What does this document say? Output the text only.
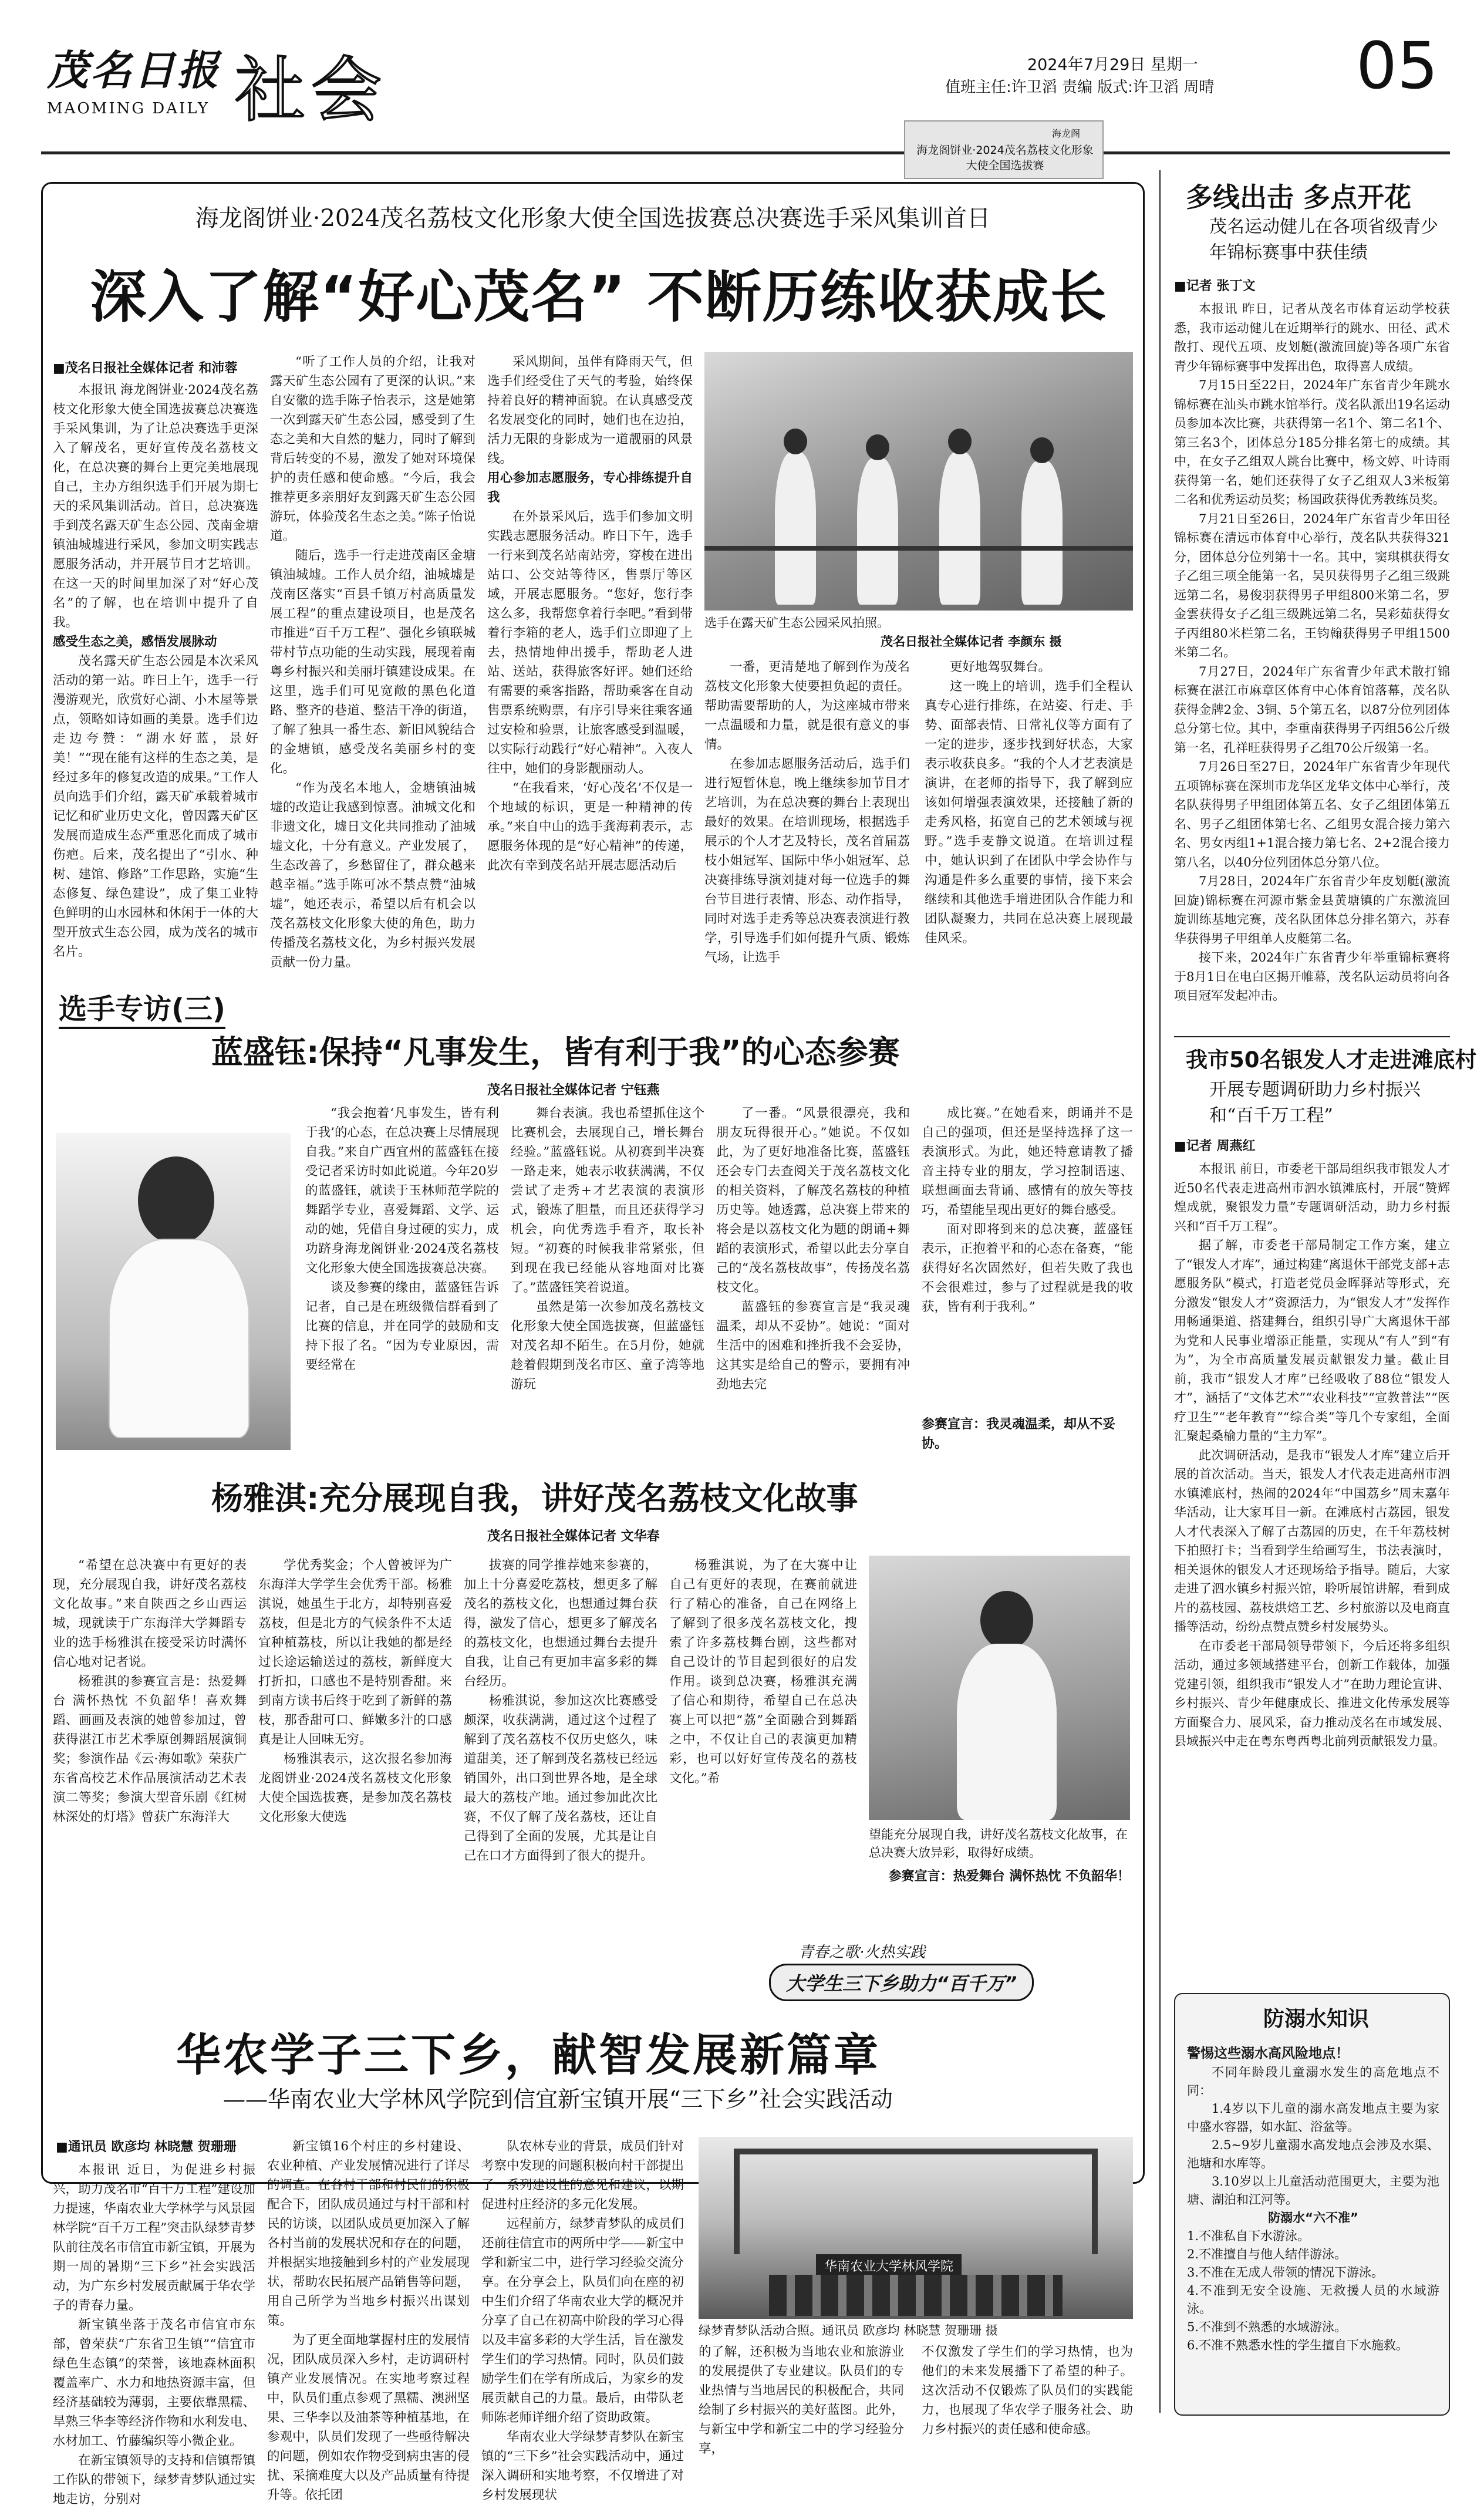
茂名日报
MAOMING DAILY 社会	2024年7月29日 星期一
值班主任:许卫滔 责编 版式:许卫滔 周晴 05
海龙阁
海龙阁饼业·2024茂名荔枝文化形象大使全国选拔赛
海龙阁饼业·2024茂名荔枝文化形象大使全国选拔赛总决赛选手采风集训首日
深入了解“好心茂名” 不断历练收获成长
■茂名日报社全媒体记者 和沛蓉

本报讯 海龙阁饼业·2024茂名荔枝文化形象大使全国选拔赛总决赛选手采风集训，为了让总决赛选手更深入了解茂名，更好宣传茂名荔枝文化，在总决赛的舞台上更完美地展现自己，主办方组织选手们开展为期七天的采风集训活动。首日，总决赛选手到茂名露天矿生态公园、茂南金塘镇油城墟进行采风，参加文明实践志愿服务活动，并开展节目才艺培训。在这一天的时间里加深了对“好心茂名”的了解，也在培训中提升了自我。

感受生态之美，感悟发展脉动

茂名露天矿生态公园是本次采风活动的第一站。昨日上午，选手一行漫游观光，欣赏好心湖、小木屋等景点，领略如诗如画的美景。选手们边走边夸赞：“湖水好蓝，景好美！”“现在能有这样的生态之美，是经过多年的修复改造的成果。”工作人员向选手们介绍，露天矿承载着城市记忆和矿业历史文化，曾因露天矿区发展而造成生态严重恶化而成了城市伤疤。后来，茂名提出了“引水、种树、建馆、修路”工作思路，实施“生态修复、绿色建设”，成了集工业特色鲜明的山水园林和休闲于一体的大型开放式生态公园，成为茂名的城市名片。

“听了工作人员的介绍，让我对露天矿生态公园有了更深的认识。”来自安徽的选手陈子怡表示，这是她第一次到露天矿生态公园，感受到了生态之美和大自然的魅力，同时了解到背后转变的不易，激发了她对环境保护的责任感和使命感。“今后，我会推荐更多亲朋好友到露天矿生态公园游玩，体验茂名生态之美。”陈子怡说道。

随后，选手一行走进茂南区金塘镇油城墟。工作人员介绍，油城墟是茂南区落实“百县千镇万村高质量发展工程”的重点建设项目，也是茂名市推进“百千万工程”、强化乡镇联城带村节点功能的生动实践，展现着南粤乡村振兴和美丽圩镇建设成果。在这里，选手们可见宽敞的黑色化道路、整齐的巷道、整洁干净的街道，了解了独具一番生态、新旧风貌结合的金塘镇，感受茂名美丽乡村的变化。

“作为茂名本地人，金塘镇油城墟的改造让我感到惊喜。油城文化和非遗文化，墟日文化共同推动了油城墟文化，十分有意义。产业发展了，生态改善了，乡愁留住了，群众越来越幸福。”选手陈可冰不禁点赞“油城墟”，她还表示，希望以后有机会以茂名荔枝文化形象大使的角色，助力传播茂名荔枝文化，为乡村振兴发展贡献一份力量。

采风期间，虽伴有降雨天气，但选手们经受住了天气的考验，始终保持着良好的精神面貌。在认真感受茂名发展变化的同时，她们也在边拍，活力无限的身影成为一道靓丽的风景线。

用心参加志愿服务，专心排练提升自我

在外景采风后，选手们参加文明实践志愿服务活动。昨日下午，选手一行来到茂名站南站旁，穿梭在进出站口、公交站等待区，售票厅等区域，开展志愿服务。“您好，您行李这么多，我帮您拿着行李吧。”看到带着行李箱的老人，选手们立即迎了上去，热情地伸出援手，帮助老人进站、送站，获得旅客好评。她们还给有需要的乘客指路，帮助乘客在自动售票系统购票，有序引导来往乘客通过安检和验票，让旅客感受到温暖，以实际行动践行“好心精神”。入夜人往中，她们的身影靓丽动人。

“在我看来，‘好心茂名’不仅是一个地域的标识，更是一种精神的传承。”来自中山的选手龚海莉表示，志愿服务体现的是“好心精神”的传递，此次有幸到茂名站开展志愿活动后

选手在露天矿生态公园采风拍照。
茂名日报社全媒体记者 李颜东 摄

一番，更清楚地了解到作为茂名荔枝文化形象大使要担负起的责任。帮助需要帮助的人，为这座城市带来一点温暖和力量，就是很有意义的事情。

在参加志愿服务活动后，选手们进行短暂休息，晚上继续参加节目才艺培训，为在总决赛的舞台上表现出最好的效果。在培训现场，根据选手展示的个人才艺及特长，茂名首届荔枝小姐冠军、国际中华小姐冠军、总决赛排练导演刘捷对每一位选手的舞台节目进行表情、形态、动作指导，同时对选手走秀等总决赛表演进行教学，引导选手们如何提升气质、锻炼气场，让选手

更好地驾驭舞台。

这一晚上的培训，选手们全程认真专心进行排练，在站姿、行走、手势、面部表情、日常礼仪等方面有了一定的进步，逐步找到好状态，大家表示收获良多。“我的个人才艺表演是演讲，在老师的指导下，我了解到应该如何增强表演效果，还接触了新的走秀风格，拓宽自己的艺术领域与视野。”选手麦静文说道。在培训过程中，她认识到了在团队中学会协作与沟通是件多么重要的事情，接下来会继续和其他选手增进团队合作能力和团队凝聚力，共同在总决赛上展现最佳风采。

选手专访(三)
蓝盛钰:保持“凡事发生，皆有利于我”的心态参赛
茂名日报社全媒体记者 宁钰燕

“我会抱着‘凡事发生，皆有利于我’的心态，在总决赛上尽情展现自我。”来自广西宜州的蓝盛钰在接受记者采访时如此说道。今年20岁的蓝盛钰，就读于玉林师范学院的舞蹈学专业，喜爱舞蹈、文学、运动的她，凭借自身过硬的实力，成功跻身海龙阁饼业·2024茂名荔枝文化形象大使全国选拔赛总决赛。

谈及参赛的缘由，蓝盛钰告诉记者，自己是在班级微信群看到了比赛的信息，并在同学的鼓励和支持下报了名。“因为专业原因，需要经常在

舞台表演。我也希望抓住这个比赛机会，去展现自己，增长舞台经验。”蓝盛钰说。从初赛到半决赛一路走来，她表示收获满满，不仅尝试了走秀+才艺表演的表演形式，锻炼了胆量，而且还获得学习机会，向优秀选手看齐，取长补短。“初赛的时候我非常紧张，但到现在我已经能从容地面对比赛了。”蓝盛钰笑着说道。

虽然是第一次参加茂名荔枝文化形象大使全国选拔赛，但蓝盛钰对茂名却不陌生。在5月份，她就趁着假期到茂名市区、童子湾等地游玩

了一番。“风景很漂亮，我和朋友玩得很开心。”她说。不仅如此，为了更好地准备比赛，蓝盛钰还会专门去查阅关于茂名荔枝文化的相关资料，了解茂名荔枝的种植历史等。她透露，总决赛上带来的将会是以荔枝文化为题的朗诵+舞蹈的表演形式，希望以此去分享自己的“茂名荔枝故事”，传扬茂名荔枝文化。

蓝盛钰的参赛宣言是“我灵魂温柔，却从不妥协”。她说：“面对生活中的困难和挫折我不会妥协，这其实是给自己的警示，要拥有冲劲地去完

成比赛。”在她看来，朗诵并不是自己的强项，但还是坚持选择了这一表演形式。为此，她还特意请教了播音主持专业的朋友，学习控制语速、联想画面去背诵、感情有的放矢等技巧，希望能呈现出更好的舞台感受。

面对即将到来的总决赛，蓝盛钰表示，正抱着平和的心态在备赛，“能获得好名次固然好，但若失败了我也不会很难过，参与了过程就是我的收获，皆有利于我利。”

参赛宣言：我灵魂温柔，却从不妥协。
杨雅淇:充分展现自我，讲好茂名荔枝文化故事
茂名日报社全媒体记者 文华春

“希望在总决赛中有更好的表现，充分展现自我，讲好茂名荔枝文化故事。”来自陕西之乡山西运城，现就读于广东海洋大学舞蹈专业的选手杨雅淇在接受采访时满怀信心地对记者说。

杨雅淇的参赛宣言是：热爱舞台 满怀热忱 不负韶华！喜欢舞蹈、画画及表演的她曾参加过，曾获得湛江市艺术季原创舞蹈展演铜奖；参演作品《云·海如歌》荣获广东省高校艺术作品展演活动艺术表演二等奖；参演大型音乐剧《红树林深处的灯塔》曾获广东海洋大

学优秀奖金；个人曾被评为广东海洋大学学生会优秀干部。杨雅淇说，她虽生于北方，却特别喜爱荔枝，但是北方的气候条件不太适宜种植荔枝，所以让我她的都是经过长途运输送过的荔枝，新鲜度大打折扣，口感也不是特别香甜。来到南方读书后终于吃到了新鲜的荔枝，那香甜可口、鲜嫩多汁的口感真是让人回味无穷。

杨雅淇表示，这次报名参加海龙阁饼业·2024茂名荔枝文化形象大使全国选拔赛，是参加茂名荔枝文化形象大使选

拔赛的同学推荐她来参赛的，加上十分喜爱吃荔枝，想更多了解茂名的荔枝文化，也想通过舞台获得，激发了信心，想更多了解茂名的荔枝文化，也想通过舞台去提升自我，让自己有更加丰富多彩的舞台经历。

杨雅淇说，参加这次比赛感受颇深，收获满满，通过这个过程了解到了茂名荔枝不仅历史悠久，味道甜美，还了解到茂名荔枝已经远销国外，出口到世界各地，是全球最大的荔枝产地。通过参加此次比赛，不仅了解了茂名荔枝，还让自己得到了全面的发展，尤其是让自己在口才方面得到了很大的提升。

杨雅淇说，为了在大赛中让自己有更好的表现，在赛前就进行了精心的准备，自己在网络上了解到了很多茂名荔枝文化，搜索了许多荔枝舞台剧，这些都对自己设计的节目起到很好的启发作用。谈到总决赛，杨雅淇充满了信心和期待，希望自己在总决赛上可以把“荔”全面融合到舞蹈之中，不仅让自己的表演更加精彩，也可以好好宣传茂名的荔枝文化。”希

望能充分展现自我，讲好茂名荔枝文化故事，在总决赛大放异彩，取得好成绩。
参赛宣言：热爱舞台 满怀热忱 不负韶华！
青春之歌·火热实践
大学生三下乡助力“百千万”
华农学子三下乡，献智发展新篇章
——华南农业大学林风学院到信宜新宝镇开展“三下乡”社会实践活动
■通讯员 欧彦均 林晓慧 贺珊珊

本报讯 近日，为促进乡村振兴，助力茂名市“百千万工程”建设加力提速，华南农业大学林学与风景园林学院“百千万工程”突击队绿梦青梦队前往茂名市信宜市新宝镇，开展为期一周的暑期“三下乡”社会实践活动，为广东乡村发展贡献属于华农学子的青春力量。

新宝镇坐落于茂名市信宜市东部，曾荣获“广东省卫生镇”“信宜市绿色生态镇”的荣誉，该地森林面积覆盖率广、水力和地热资源丰富，但经济基础较为薄弱，主要依靠黑糯、旱熟三华李等经济作物和水利发电、水材加工、竹藤编织等小微企业。

在新宝镇领导的支持和信镇帮镇工作队的带领下，绿梦青梦队通过实地走访，分别对

新宝镇16个村庄的乡村建设、农业种植、产业发展情况进行了详尽的调查。在各村干部和村民们的积极配合下，团队成员通过与村干部和村民的访谈，以团队成员更加深入了解各村当前的发展状况和存在的问题，并根据实地接触到乡村的产业发展现状，帮助农民拓展产品销售等问题，用自己所学为当地乡村振兴出谋划策。

为了更全面地掌握村庄的发展情况，团队成员深入乡村，走访调研村镇产业发展情况。在实地考察过程中，队员们重点参观了黑糯、澳洲坚果、三华李以及油茶等种植基地，在参观中，队员们发现了一些亟待解决的问题，例如农作物受到病虫害的侵扰、采摘难度大以及产品质量有待提升等。依托团

队农林专业的背景，成员们针对考察中发现的问题积极向村干部提出了一系列建设性的意见和建议，以期促进村庄经济的多元化发展。

远程前方，绿梦青梦队的成员们还前往信宜市的两所中学——新宝中学和新宝二中，进行学习经验交流分享。在分享会上，队员们向在座的初中生们介绍了华南农业大学的概况并分享了自己在初高中阶段的学习心得以及丰富多彩的大学生活，旨在激发学生们的学习热情。同时，队员们鼓励学生们在学有所成后，为家乡的发展贡献自己的力量。最后，由带队老师陈老师详细介绍了资助政策。

华南农业大学绿梦青梦队在新宝镇的“三下乡”社会实践活动中，通过深入调研和实地考察，不仅增进了对乡村发展现状

华南农业大学林风学院
绿梦青梦队活动合照。通讯员 欧彦均 林晓慧 贺珊珊 摄

的了解，还积极为当地农业和旅游业的发展提供了专业建议。队员们的专业热情与当地居民的积极配合，共同绘制了乡村振兴的美好蓝图。此外，与新宝中学和新宝二中的学习经验分享，

不仅激发了学生们的学习热情，也为他们的未来发展播下了希望的种子。这次活动不仅锻炼了队员们的实践能力，也展现了华农学子服务社会、助力乡村振兴的责任感和使命感。

多线出击 多点开花
茂名运动健儿在各项省级青少年锦标赛事中获佳绩
■记者 张丁文

本报讯 昨日，记者从茂名市体育运动学校获悉，我市运动健儿在近期举行的跳水、田径、武术散打、现代五项、皮划艇(激流回旋)等各项广东省青少年锦标赛事中发挥出色，取得喜人成绩。

7月15日至22日，2024年广东省青少年跳水锦标赛在汕头市跳水馆举行。茂名队派出19名运动员参加本次比赛，共获得第一名1个、第二名1个、第三名3个，团体总分185分排名第七的成绩。其中，在女子乙组双人跳台比赛中，杨文婷、叶诗雨获得第一名，她们还获得了女子乙组双人3米板第二名和优秀运动员奖；杨国政获得优秀教练员奖。

7月21日至26日，2024年广东省青少年田径锦标赛在清远市体育中心举行，茂名队共获得321分，团体总分位列第十一名。其中，窦琪棋获得女子乙组三项全能第一名，吴贝获得男子乙组三级跳远第二名，易俊羽获得男子甲组800米第二名，罗金雲获得女子乙组三级跳远第二名，吴彩茹获得女子丙组80米栏第二名，王钧翰获得男子甲组1500米第二名。

7月27日，2024年广东省青少年武术散打锦标赛在湛江市麻章区体育中心体育馆落幕，茂名队获得金牌2金、3铜、5个第五名，以87分位列团体总分第七位。其中，李重南获得男子丙组56公斤级第一名，孔祥旺获得男子乙组70公斤级第一名。

7月26日至27日，2024年广东省青少年现代五项锦标赛在深圳市龙华区龙华文体中心举行，茂名队获得男子甲组团体第五名、女子乙组团体第五名、男子乙组团体第七名、乙组男女混合接力第六名、男女丙组1+1混合接力第七名、2+2混合接力第八名，以40分位列团体总分第八位。

7月28日，2024年广东省青少年皮划艇(激流回旋)锦标赛在河源市紫金县黄塘镇的广东激流回旋训练基地完赛，茂名队团体总分排名第六，苏春华获得男子甲组单人皮艇第二名。

接下来，2024年广东省青少年举重锦标赛将于8月1日在电白区揭开帷幕，茂名队运动员将向各项目冠军发起冲击。

我市50名银发人才走进滩底村
开展专题调研助力乡村振兴和“百千万工程”
■记者 周燕红

本报讯 前日，市委老干部局组织我市银发人才近50名代表走进高州市泗水镇滩底村，开展“赞辉煌成就，聚银发力量”专题调研活动，助力乡村振兴和“百千万工程”。

据了解，市委老干部局制定工作方案，建立了“银发人才库”，通过构建“离退休干部党支部+志愿服务队”模式，打造老党员金晖驿站等形式，充分激发“银发人才”资源活力，为“银发人才”发挥作用畅通渠道、搭建舞台，组织引导广大离退休干部为党和人民事业增添正能量，实现从“有人”到“有为”，为全市高质量发展贡献银发力量。截止目前，我市“银发人才库”已经吸收了88位“银发人才”，涵括了“文体艺术”“农业科技”“宣教普法”“医疗卫生”“老年教育”“综合类”等几个专家组，全面汇聚起桑榆力量的“主力军”。

此次调研活动，是我市“银发人才库”建立后开展的首次活动。当天，银发人才代表走进高州市泗水镇滩底村，热闹的2024年“中国荔乡”周末嘉年华活动，让大家耳目一新。在滩底村古荔园，银发人才代表深入了解了古荔园的历史，在千年荔枝树下拍照打卡；当看到学生给画写生，书法表演时，相关退休的银发人才还现场给予指导。随后，大家走进了泗水镇乡村振兴馆，聆听展馆讲解，看到成片的荔枝园、荔枝烘焙工艺、乡村旅游以及电商直播等活动，纷纷点赞点赞乡村发展势头。

在市委老干部局领导带领下，今后还将多组织活动，通过多领域搭建平台，创新工作载体，加强党建引领，组织我市“银发人才”在助力理论宣讲、乡村振兴、青少年健康成长、推进文化传承发展等方面聚合力、展风采，奋力推动茂名在市域发展、县域振兴中走在粤东粤西粤北前列贡献银发力量。

防溺水知识
警惕这些溺水高风险地点！

不同年龄段儿童溺水发生的高危地点不同：

1.4岁以下儿童的溺水高发地点主要为家中盛水容器，如水缸、浴盆等。

2.5~9岁儿童溺水高发地点会涉及水渠、池塘和水库等。

3.10岁以上儿童活动范围更大，主要为池塘、湖泊和江河等。

防溺水“六不准”

1.不准私自下水游泳。

2.不准擅自与他人结伴游泳。

3.不准在无成人带领的情况下游泳。

4.不准到无安全设施、无救援人员的水域游泳。

5.不准到不熟悉的水域游泳。

6.不准不熟悉水性的学生擅自下水施救。
